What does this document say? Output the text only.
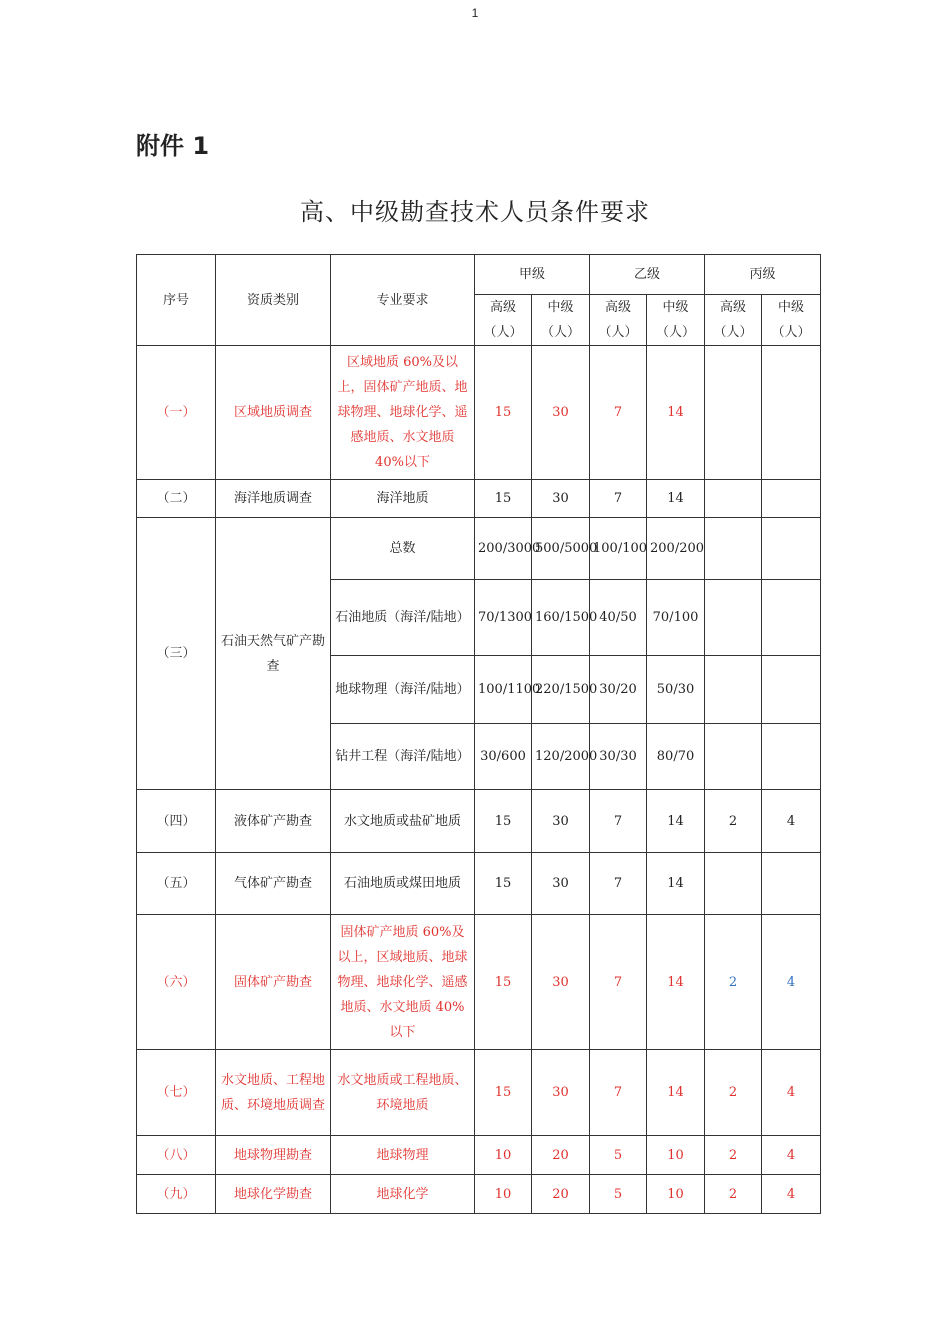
1
附件 1
高、中级勘查技术人员条件要求
序号	资质类别	专业要求	甲级		乙级		丙级	
			高级（人）	中级（人）	高级（人）	中级（人）	高级（人）	中级（人）
（一）	区域地质调查	区域地质 60%及以上，固体矿产地质、地球物理、地球化学、遥感地质、水文地质 40%以下	15	30	7	14		
（二）	海洋地质调查	海洋地质	15	30	7	14		
（三）	石油天然气矿产勘查	总数	200/3000	500/5000	100/100	200/200		
		石油地质（海洋/陆地）	70/1300	160/1500	40/50	70/100		
		地球物理（海洋/陆地）	100/1100	220/1500	30/20	50/30		
		钻井工程（海洋/陆地）	30/600	120/2000	30/30	80/70		
（四）	液体矿产勘查	水文地质或盐矿地质	15	30	7	14	2	4
（五）	气体矿产勘查	石油地质或煤田地质	15	30	7	14		
（六）	固体矿产勘查	固体矿产地质 60%及以上，区域地质、地球物理、地球化学、遥感地质、水文地质 40%以下	15	30	7	14	2	4
（七）	水文地质、工程地质、环境地质调查	水文地质或工程地质、环境地质	15	30	7	14	2	4
（八）	地球物理勘查	地球物理	10	20	5	10	2	4
（九）	地球化学勘查	地球化学	10	20	5	10	2	4
